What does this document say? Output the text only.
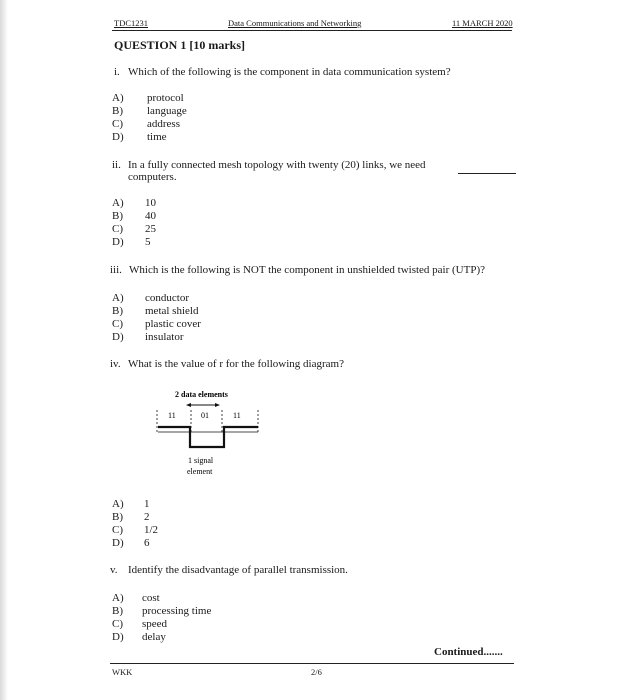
TDC1231	Data Communications and Networking	11 MARCH 2020
QUESTION 1 [10 marks]
i. Which of the following is the component in data communication system?
A) protocol
B) language
C) address
D) time
ii. In a fully connected mesh topology with twenty (20) links, we need
computers.
A) 10
B) 40
C) 25
D) 5
iii. Which is the following is NOT the component in unshielded twisted pair (UTP)?
A) conductor
B) metal shield
C) plastic cover
D) insulator
iv. What is the value of r for the following diagram?
2 data elements
11	01	11
1 signal
element
A) 1
B) 2
C) 1/2
D) 6
v. Identify the disadvantage of parallel transmission.
A) cost
B) processing time
C) speed
D) delay
Continued.......
WKK	2/6
